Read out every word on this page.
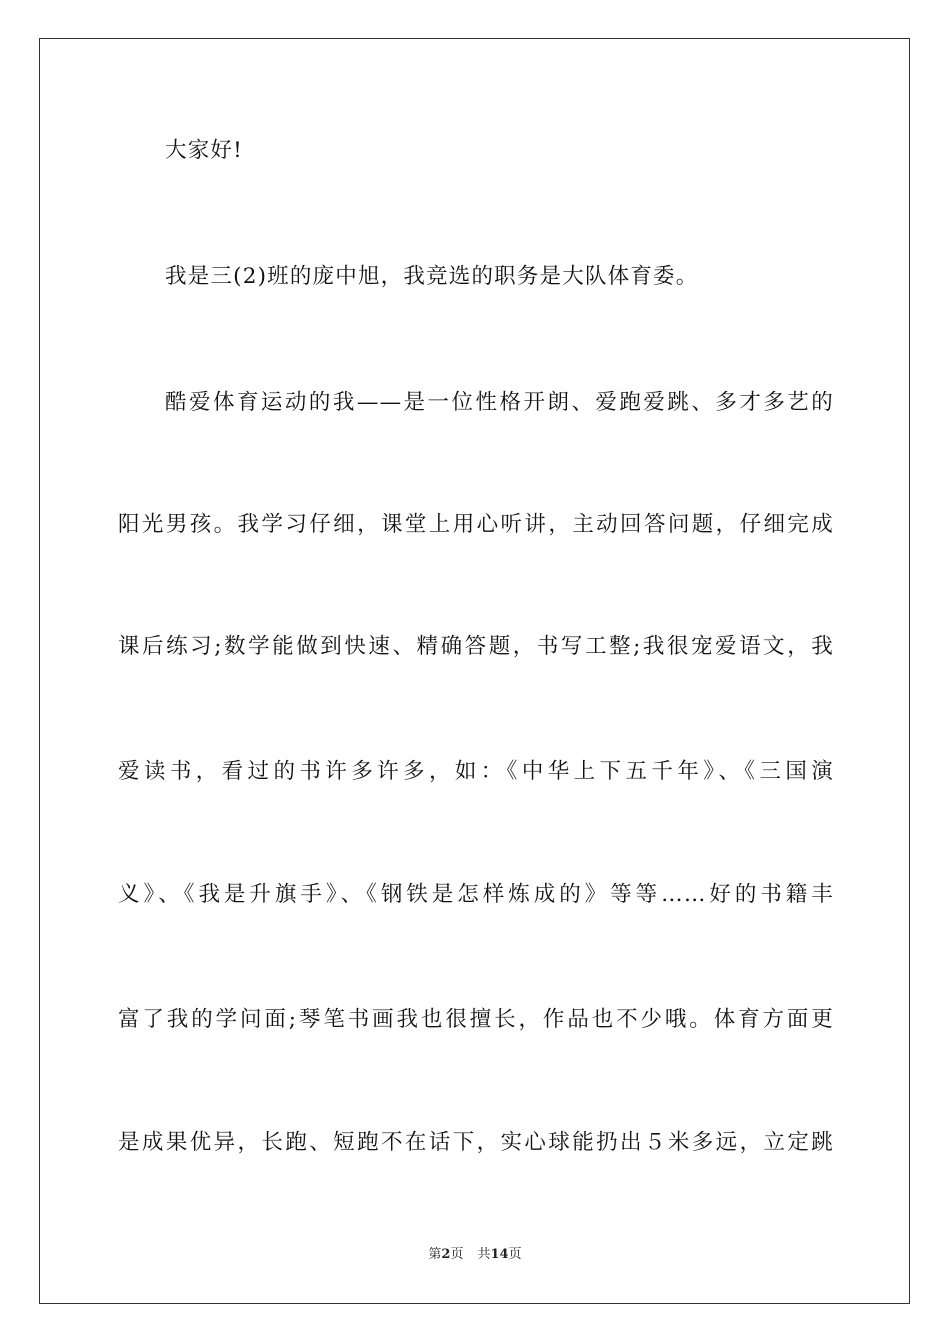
大家好!
我是三(2)班的庞中旭，我竞选的职务是大队体育委。
酷爱体育运动的我——是一位性格开朗、爱跑爱跳、多才多艺的
阳光男孩。我学习仔细，课堂上用心听讲，主动回答问题，仔细完成
课后练习;数学能做到快速、精确答题，书写工整;我很宠爱语文，我
爱读书，看过的书许多许多，如：《中华上下五千年》、《三国演
义》、《我是升旗手》、《钢铁是怎样炼成的》等等……好的书籍丰
富了我的学问面;琴笔书画我也很擅长，作品也不少哦。体育方面更
是成果优异，长跑、短跑不在话下，实心球能扔出５米多远，立定跳
第2页 共14页
